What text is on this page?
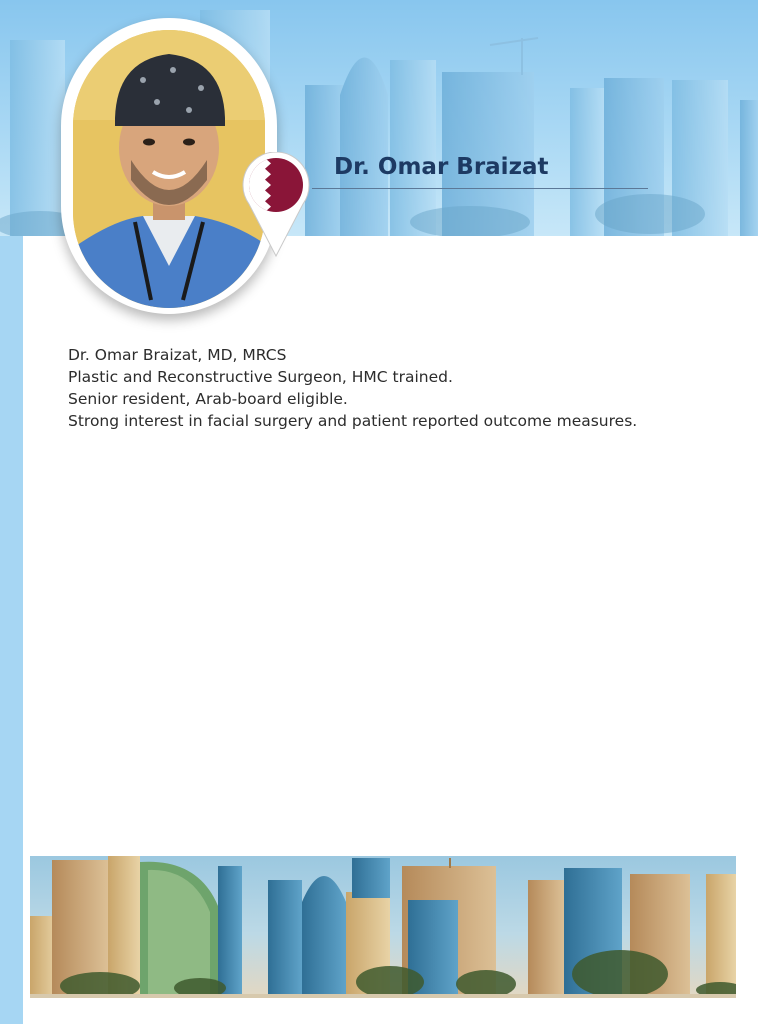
Dr. Omar Braizat
Dr. Omar Braizat, MD, MRCS
Plastic and Reconstructive Surgeon, HMC trained.
Senior resident, Arab-board eligible.
Strong interest in facial surgery and patient reported outcome measures.
